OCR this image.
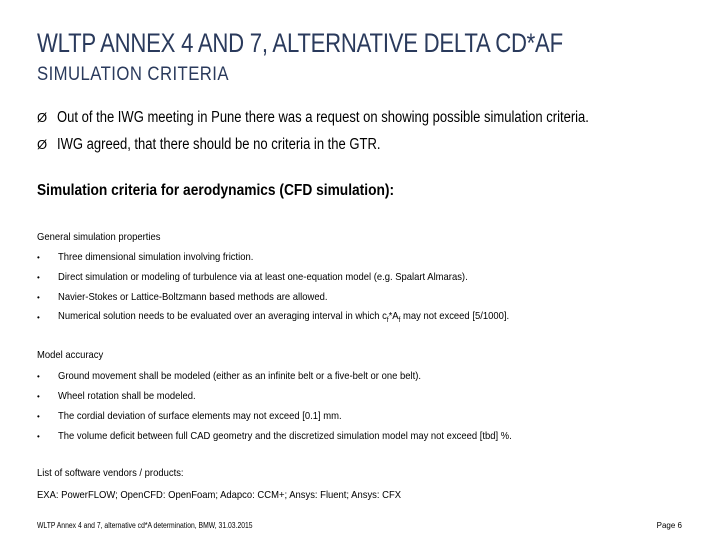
WLTP ANNEX 4 AND 7, ALTERNATIVE DELTA CD*AF
SIMULATION CRITERIA
Ø Out of the IWG meeting in Pune there was a request on showing possible simulation criteria.
Ø IWG agreed, that there should be no criteria in the GTR.
Simulation criteria for aerodynamics (CFD simulation):
General simulation properties
•	Three dimensional simulation involving friction.
•	Direct simulation or modeling of turbulence via at least one-equation model (e.g. Spalart Almaras).
•	Navier-Stokes or Lattice-Boltzmann based methods are allowed.
•	Numerical solution needs to be evaluated over an averaging interval in which $c_f*A_f$ may not exceed [5/1000].
Model accuracy
•	Ground movement shall be modeled (either as an infinite belt or a five-belt or one belt).
•	Wheel rotation shall be modeled.
•	The cordial deviation of surface elements may not exceed [0.1] mm.
•	The volume deficit between full CAD geometry and the discretized simulation model may not exceed [tbd] %.
List of software vendors / products:
EXA: PowerFLOW; OpenCFD: OpenFoam; Adapco: CCM+; Ansys: Fluent; Ansys: CFX
WLTP Annex 4 and 7, alternative cd*A determination, BMW, 31.03.2015	Page 6
